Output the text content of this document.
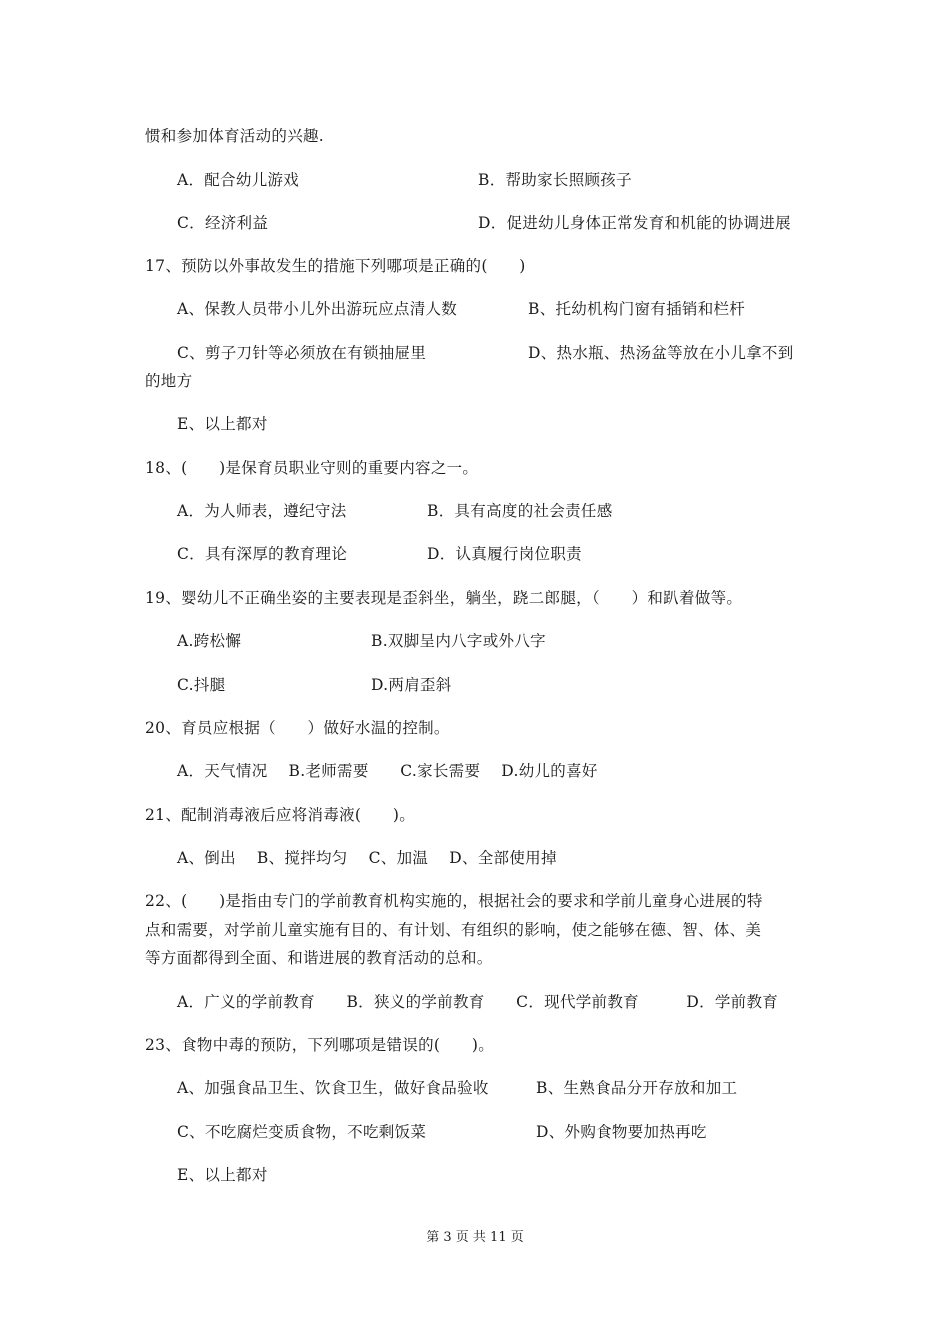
惯和参加体育活动的兴趣.
A．配合幼儿游戏	B．帮助家长照顾孩子
C．经济利益	D．促进幼儿身体正常发育和机能的协调进展
17、预防以外事故发生的措施下列哪项是正确的(　　)
A、保教人员带小儿外出游玩应点清人数	B、托幼机构门窗有插销和栏杆
C、剪子刀针等必须放在有锁抽屉里	D、热水瓶、热汤盆等放在小儿拿不到
的地方
E、以上都对
18、(　　)是保育员职业守则的重要内容之一。
A．为人师表，遵纪守法	B．具有高度的社会责任感
C．具有深厚的教育理论	D．认真履行岗位职责
19、婴幼儿不正确坐姿的主要表现是歪斜坐，躺坐，跷二郎腿，（　　）和趴着做等。
A.跨松懈	B.双脚呈内八字或外八字
C.抖腿	D.两肩歪斜
20、育员应根据（　　）做好水温的控制。
A．天气情况　 B.老师需要　　C.家长需要　 D.幼儿的喜好
21、配制消毒液后应将消毒液(　　)。
A、倒出　 B、搅拌均匀　 C、加温　 D、全部使用掉
22、(　　)是指由专门的学前教育机构实施的，根据社会的要求和学前儿童身心进展的特
点和需要，对学前儿童实施有目的、有计划、有组织的影响，使之能够在德、智、体、美
等方面都得到全面、和谐进展的教育活动的总和。
A．广义的学前教育　　B．狭义的学前教育　　C．现代学前教育　　　D．学前教育
23、食物中毒的预防，下列哪项是错误的(　　)。
A、加强食品卫生、饮食卫生，做好食品验收	B、生熟食品分开存放和加工
C、不吃腐烂变质食物，不吃剩饭菜	D、外购食物要加热再吃
E、以上都对
第 3 页 共 11 页
